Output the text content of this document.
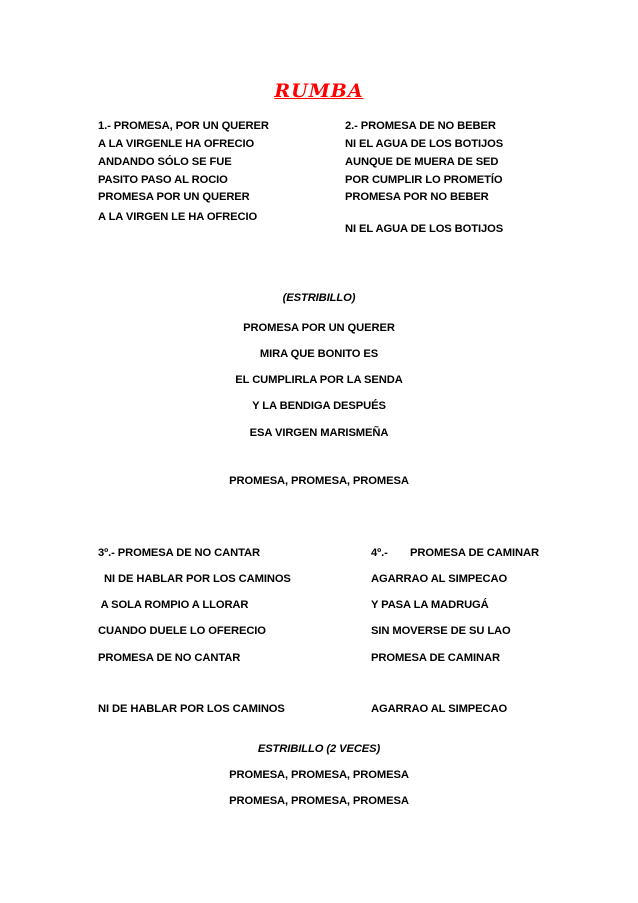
RUMBA
1.- PROMESA, POR UN QUERER
A LA VIRGENLE HA OFRECIO
ANDANDO SÓLO SE FUE
PASITO PASO AL ROCIO
PROMESA POR UN QUERER
A LA VIRGEN LE HA OFRECIO
2.- PROMESA DE NO BEBER
NI EL AGUA DE LOS BOTIJOS
AUNQUE DE MUERA DE SED
POR CUMPLIR LO PROMETÍO
PROMESA POR NO BEBER
NI EL AGUA DE LOS BOTIJOS
(ESTRIBILLO)
PROMESA POR UN QUERER
MIRA QUE BONITO ES
EL CUMPLIRLA POR LA SENDA
Y LA BENDIGA DESPUÉS
ESA VIRGEN MARISMEÑA
PROMESA, PROMESA, PROMESA
3º.- PROMESA DE NO CANTAR
NI DE HABLAR POR LOS CAMINOS
A SOLA ROMPIO A LLORAR
CUANDO DUELE LO OFERECIO
PROMESA DE NO CANTAR
NI DE HABLAR POR LOS CAMINOS
4º.- PROMESA DE CAMINAR
AGARRAO AL SIMPECAO
Y PASA LA MADRUGÁ
SIN MOVERSE DE SU LAO
PROMESA DE CAMINAR
AGARRAO AL SIMPECAO
ESTRIBILLO (2 VECES)
PROMESA, PROMESA, PROMESA
PROMESA, PROMESA, PROMESA
